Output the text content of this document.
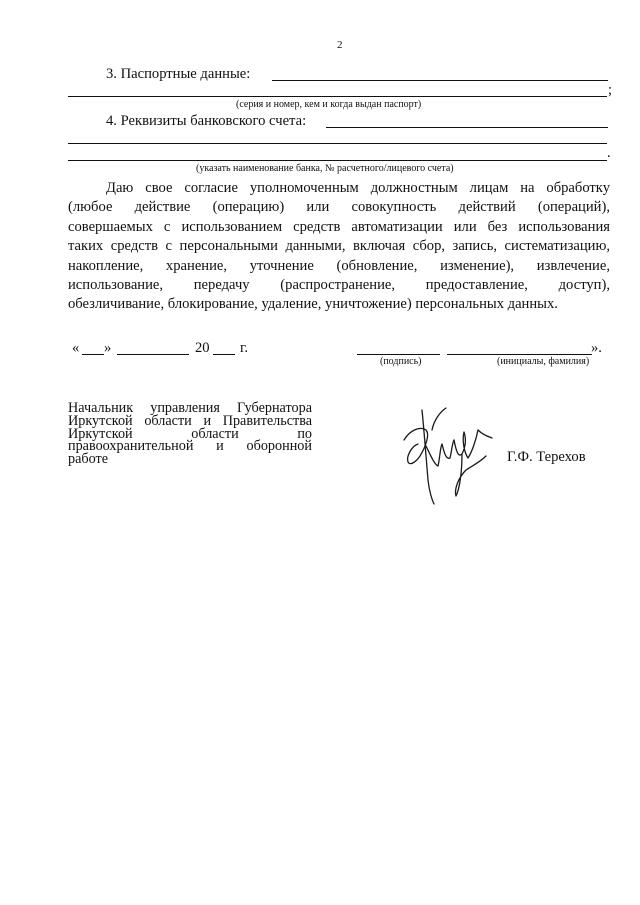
2
3. Паспортные данные:
;
(серия и номер, кем и когда выдан паспорт)
4. Реквизиты банковского счета:
.
(указать наименование банка, № расчетного/лицевого счета)
Даю свое согласие уполномоченным должностным лицам на обработку
(любое действие (операцию) или совокупность действий (операций),
совершаемых с использованием средств автоматизации или без использования
таких средств с персональными данными, включая сбор, запись, систематизацию,
накопление, хранение, уточнение (обновление, изменение), извлечение,
использование, передачу (распространение, предоставление, доступ),
обезличивание, блокирование, удаление, уничтожение) персональных данных.
« »	20 г.	».
(подпись)	(инициалы, фамилия)
Начальник управления Губернатора
Иркутской области и Правительства
Иркутской области по
правоохранительной и оборонной
работе	Г.Ф. Терехов
